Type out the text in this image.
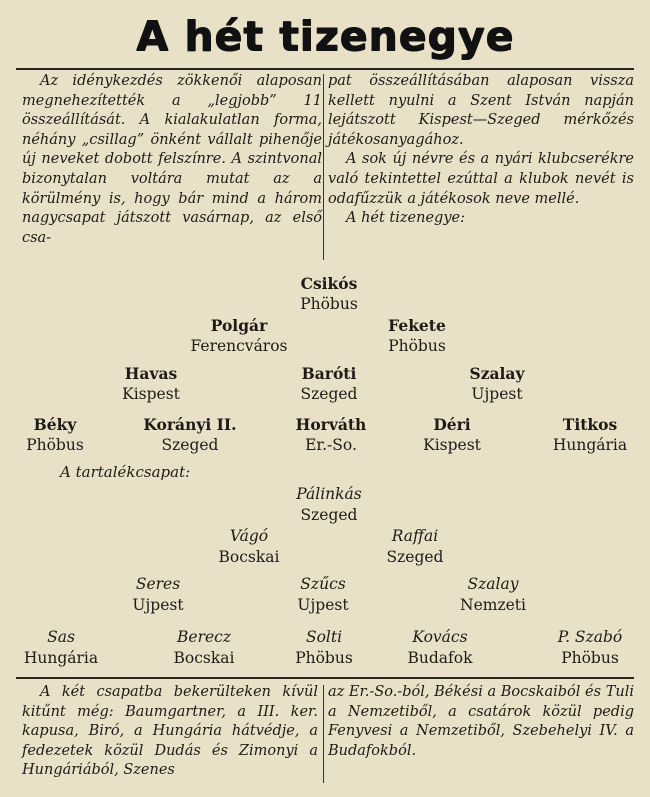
A hét tizenegye

Az idénykezdés zökkenői alaposan megnehezítették a „legjobb” 11 összeállítását. A kialakulatlan forma, néhány „csillag” önként vállalt pihenője új neveket dobott felszínre. A szintvonal bizonytalan voltára mutat az a körülmény is, hogy bár mind a három nagycsapat játszott vasárnap, az első csa-

pat összeállításában alaposan vissza kellett nyulni a Szent István napján lejátszott Kispest—Szeged mérkőzés játékosanyagához.

A sok új névre és a nyári klubcserékre való tekintettel ezúttal a klubok nevét is odafűzzük a játékosok neve mellé.

A hét tizenegye:

Csikós
Phöbus
Polgár
Ferencváros
Fekete
Phöbus
Havas
Kispest
Baróti
Szeged
Szalay
Ujpest
Béky
Phöbus
Korányi II.
Szeged
Horváth
Er.-So.
Déri
Kispest
Titkos
Hungária
A tartalékcsapat:
Pálinkás
Szeged
Vágó
Bocskai
Raffai
Szeged
Seres
Ujpest
Szűcs
Ujpest
Szalay
Nemzeti
Sas
Hungária
Berecz
Bocskai
Solti
Phöbus
Kovács
Budafok
P. Szabó
Phöbus

A két csapatba bekerülteken kívül kitűnt még: Baumgartner, a III. ker. kapusa, Biró, a Hungária hátvédje, a fedezetek közül Dudás és Zimonyi a Hungáriából, Szenes

az Er.-So.-ból, Békési a Bocskaiból és Tuli a Nemzetiből, a csatárok közül pedig Fenyvesi a Nemzetiből, Szebehelyi IV. a Budafokból.
